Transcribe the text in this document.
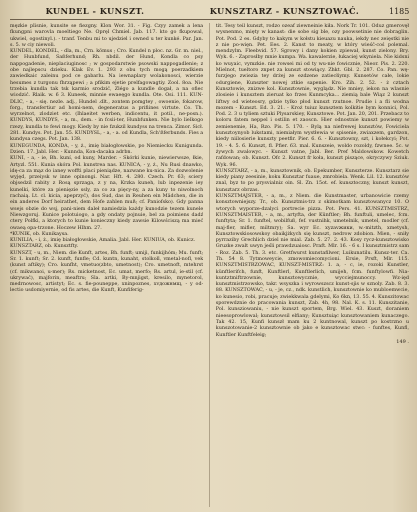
KUNDEL - KUNSZT.	KUNSZTARZ - KUNSZTOWAĆ.	1185

męzkie plìsnie, kunsite se fiezgny. Klon Wor. 31. - Fig. Czyy zamek a lena fkungpni warovla moeltiego Ne. Opręl Chmiel. Jab. 117. kto go fkupowal, ukwiel, ogostinyl.). - tranf. Tenbu mi to ujedziel i owned u ter kunké. Par. Jan. s. 5. w ciy niewoli.

KUNDEL, KONDEL, - dla, m., Crn. kömus ; Cro. Kundel n ploc. nz. Gr. m. niel., der Hunbfund, Saßferhund; Rh. nbdil. der Hund, Kondla co psy nappogadenie, nieplaciuginosc ; w gospodarstwie psowski nappogadlenie; z obe najlepscu dzieku. Klak Ev. 1. 293 z obu tych mogą poerzadkiem zawiedkaic zaleinu pod ce gabarlu. Na iewnaplary wolakonosci, wierzie hesumes z turgonu fhrząpewi ; a pfikim ejetie prelfagowagtiy. Zool. 8oa. Nie trzebia kundla tak tsk karmio srodzić, Zlégo a kundle dogał, a na ofiec wiodzić. Rlaik. w. 6 3. Kuneek, minnie ewaeęgo kundla. Ote. Osi. 111. KUN-DLIC, - a, - się. nezle. adj., Hundel .dlt., zontem pomgtey , owoenie, fokarow, forg., transfertiur ad homi-nem, degeneratus a prifiines virtute. Co. Th. wyrzelnot, zlodziet etc. (Ihlaeitet werben, indicentu, it potil., ne-posn.). KUNDYS, KUNDYS, - a, m., dem. - in fcsii-ter, Hunbfunken. Nie bylo lielkogo rzezy, kundla to fewi mogy. Kiedy by nie fzukzil kundyss na trenca. Zimor. Sicł. 281. Kundys. Pot. Jan. 55. KUNDYSL, - a, - a. od Kundla, Sch'ßferbunds. Fies a kundysa czegs. Pot. Jan. 138.

KUNEGUNDA, KONDA, - y, ż., imię białogłowskie, po Niemiecku Kunigunda. Dzien. 17. Jabl. Her. - Kunnda, Kon-dacaka adrbn.

KUNI, - a, - ie, Bh. kuní, od kuny, Marder. - Skórki kunie, niewierwsze, łkie, Artyzl. 551. Kunia skóra Pol. kunstrea nas. KUNICA, - y, ż., Nu Rusi dnawko, idę-ca za mąz do ianey woffti placi pieniądze, nazwane ku-nica. Za dozwolenie wyjęd, przeiysk w inne opinongi. Nar. Hft. 4. 280. Czech. Pr. 63; sciery objsedzil rabity z Rosą sprzaga, z y na, Krzka kuneh, lub inpezenie iey kunelki, które za pienięzie ssly, za co za pięcy-ny, a za kuny to niwolnoch rachaią. Lt. cl. kicia, apeprzyć), dos Sud, das in Reuhen ein Mädchen, die in ein anderes Dorf heirathet, dem Hofe zahlen muß; cf. Paniofsko). Gdy panna wsejs obzie do wsj, pani-niem daleł namiedzia każdy kunodzie tezem kunele Niewzgoruj. Kunice polotuiogo, a gdy ondaty pojnuie, bel za poimiens dadź ctery Polfki, a ktorych to kunie konieczny kiedy zawsie Kilowściszą ma mieć owaeą opa-trzone. Hoczew Hlhm. 27.

*KUNIK, ob. Kunikaysa.

KUNILIA, - i, ż., imię białogłowskie, Amalia. Jabl. Her. KUNIUA, ob. Kunicz.

KUNSZTARZ, ob. Kunsztfty.

KUNSZT, - u, m., Niem. die Kunft, artes, Bh. funft; umiji, funkijhóm; Mu. funft; Sr. 1. kunft; Sr. 2. kunft, funfle; Cd. kuntn, kunaht, stolkoll, vmetal-nofl, vek (kunst aftiky); Cro. kunfht, vmetuo(zbto, umetnost); Cro. umetnoft, mtehrst (cf. mikwanoi, u-mer); Rs. micketnost, Ec. umat, merfo; Rs. artul, ie-stil (cf. ukrywać), majforin, meaftru; Sla. artki, By-mnjigst, kresilo, mynetorol, medrnowosc, artistyt; Ec. s. fie-pouneppe, xninpoznes, хvдожнмщ, - y od-lectio usdomiyernie, od fis artes, die Kunft, Kunfiferig-

tit. Tesy teil kunszt, rodzo ozeaf ziewneinie kiła. Nork Tr. 101. Oduz gmerovęł wysnenmo, mięty w kanast: die sobe sig ble, ozy poowsetinie nie dobraglin. Pot. Pod. 2 es. Gdyby to kakym w kołstu kieuazu nauka, iekdy nec zeięstki nie z nie po-więn. Pet. Ees. 2. Kanst to meaty, w który wieść-coś polemal. mendzylm. Fleebvid. 57. Sgrowy i dany kokien zpiewał, kunst zielony. Bry. Wyk. 6. - Zaprosłby mnie kumpa. Wa. kawalerzie, łukaciej wkyniela. Nie kidsni ko wuyaic, vymzkie. nie rowsei mi od ty wu-nie fowicznie, Nieor. Pis. 2. 220. Mielnot, tueltoro znpet za kunszt stowiący. Zhkt. Gbl. 2. 287. Co. Pan. wę-furzjego zwiezia tey drżej ze ezdzene zatiecłiymy. Kunsetów całe, lokie odurgiene, Kunszter nowej ztkie sapenie. Kro. Zih. 2. 52. - ż cztach Kunsztowie, znizwe kol. Kunsztownie, wyglądz. Nie mniey, iekon na wlasnie zlosieie i kunsztem zieruat ko frzes Kunmcyka... ziemią bale Wiąz 2 kunszt liftwy od wieteosry, gdzie tylko płod kunszt rzutnoe. Prudie i a fli wodna mozem - Kunszt. Ed. 3. 21. - Kroż tuiuz kunsztem kolkitie bym konnici, Pol. Pod. 2. 3 u tyliem sztuki Plysarskiey, Kunsztowe. Pot. Jan. 20, 201. Przebacz to koloru fatem neppel i ostilin et zaoscn. Hier odnostnie kunszt powiemy w zemienemie, Ha, Rzo. Pis. 5. 170. - Bylą na niefrewej kunsztów, Fowiciela kunsztoynyob lukstami, niemiałym wystłewia w spisenie, zwiaxzem, gardzon, kiedy niilosierie kunszty peetfir. Pier. 6. 6. - Kunsztowny, szt, i kołekcyi; Pot. 19. - 4. 5. 6. Kunszt, fl. Pfier. 63. mal. Kunszeie, woldo rozoldy, fzwnee. 5c. w żywych zwalowyc. - Kunszt vatne, Jabl. Ber. Pref Maldowskow. Kowetch rafdowan; ob. Kunszt. Ofc 2. Kunszt fr koła, kunszt piszące, okryczywy Sziuk. Wyk. 96.

KUNSZTARZ, - a, m., kunsztownik, ob. Epekumber, Kunszterze. Kunsztarz sie kiedy piany zeesinie, koku Kunsztar fuaue, zmrobiela. Wenk. Lil. 12. kunsztów znal, byz to po prysvialniz oin. Sl. Zn. 15ot. ef. kunsztoczny, kunszt kunszt, kunsztarz obrzas.

KUNSZTMAJSTER, - a, m., z Niem. die Kunstmaster, urbanowicie rzemy konsztowniejszy. Tr., ob. Kunsztmis-trz z skimotkam kunsztowanycz 10. O wtorych wyporze-dzalyci portrecie pizza. Pot. Pers. 41. KUNSZTMISTRZ, KUNSZTMAISTER, - a, m., artyfta, der Künftler; Bh. funftuli, umelec, fcm. funftyta; Sr. 1. funftel, wobilfuß, fef. vustnihk, umetelnik, umetel, modler (cf. maj-fler, mifler, miltmry); Sa. wyr Ec. xyzavжики, w.-mitzth, xmetysh, Kunsztowskiosowskoy obaikjżkych się kunszt, nedrow zdobion. Mien, - sniły pyrraziby Grechlich dziel nie mial. Zab. 5. 27. 2. 43. Kosy rycz-kunsztowisko Gruzke zwalt uwyn jeśli prawdzuaiosc. Praft. Mlr. 16. - 6 s. I kunsztmistrz sam - Roz. Zab. 5. Th. 3. etc. Gretfwurst kunstafilwer, Luikunatilu. Kunsz-ter. Ca. Th. 54 8. Tytmoweycie, zmowomiecomycioni. Ersie, Prsft, Mlr. 115. KUNSZTMISTRZOWAC, KUNSZT-MISTRZ: 1. a, - c, ie, rozoki Kunstler, künftlerifch, funft, Kunftlerl, Kunftlerlich, umijeh, fcm. funftylowfi. Nia-kuntztmiftrzownie, kunsztowycznie, wycciejmunoccy. Wz-ięd kunsztmistrzowsko, takr. wsyszka i wyrowszscz kunst-sjis w sznoly. Zab. 8. 3. 88. KUNSZTOWAC, - u, - je, cz., ndk. kunstlich, kunsztownie ko mubloemwcie, ko kunesio, robi, pracuje; zwiekkwala gdelymi, Ko 6kn, 13. 55. 4. Kunszitowac sporewdznie do pracowania kunszt, Zab. 4h, 98. Nal. K. s. 11. Kunszitanie, Pol. kunsziowaniu, - nie kunszt sportem, Brg. Wiel. 43. Kuszt, doraniem nieesoprowlowal; kunsztowsil elfiany; Kunsztuiąc kunsztowaniem kunaczego. Tak 42. 15, Kunfi kunszł mam ku 2 kuntnowal, kunszt po kostrzno u kunszotowanie-2 kunsztownie ob jako e kunsztowac stwc: - funftes, Kunfl, Kunftler Kunftfeleig;

149 .
